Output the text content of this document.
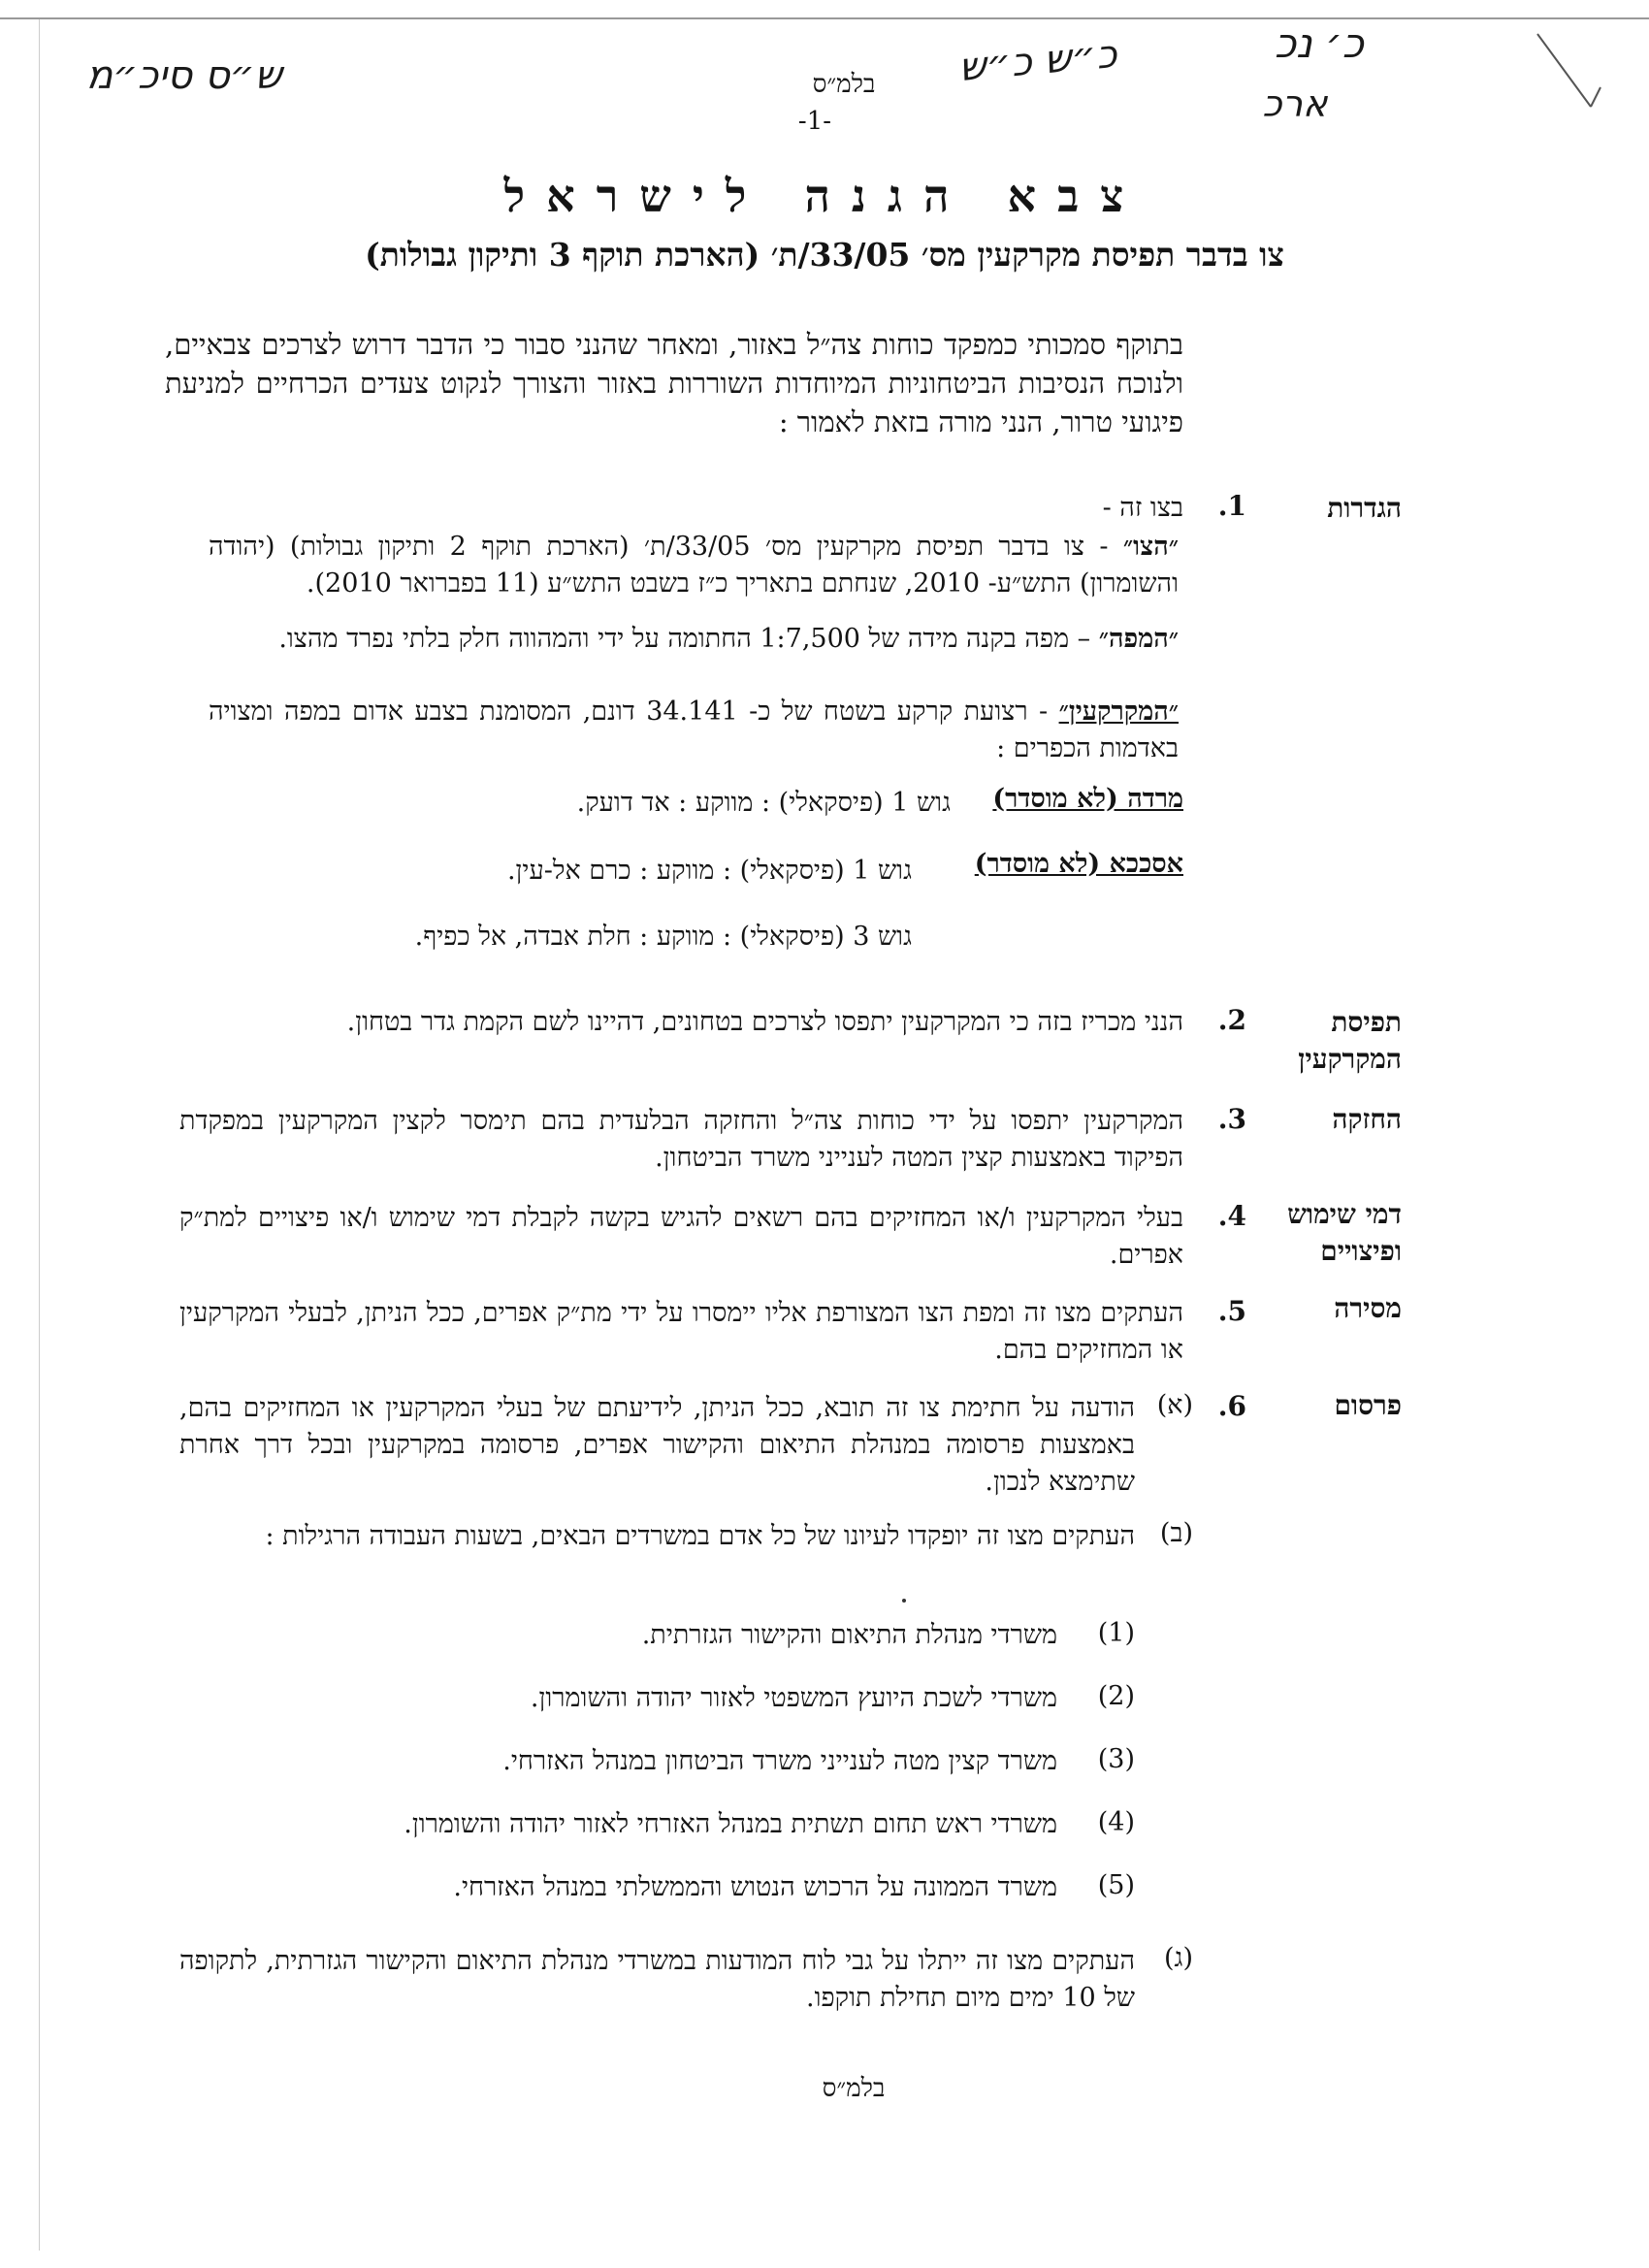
ש״ס סיכ״מ	כ״ש כ״ש	כ׳ נכ
ארכ
בלמ״ס
-1-
צבא הגנה לישראל
צו בדבר תפיסת מקרקעין מס׳ 33/05/ת׳ (הארכת תוקף 3 ותיקון גבולות)
בתוקף סמכותי כמפקד כוחות צה״ל באזור, ומאחר שהנני סבור כי הדבר דרוש לצרכים צבאיים, ולנוכח הנסיבות הביטחוניות המיוחדות השוררות באזור והצורך לנקוט צעדים הכרחיים למניעת פיגועי טרור, הנני מורה בזאת לאמור :
הגדרות
1.
בצו זה -
״הצו״ - צו בדבר תפיסת מקרקעין מס׳ 33/05/ת׳ (הארכת תוקף 2 ותיקון גבולות) (יהודה והשומרון) התש״ע- 2010, שנחתם בתאריך כ״ז בשבט התש״ע (11 בפברואר 2010).
״המפה״ – מפה בקנה מידה של 1:7,500 החתומה על ידי והמהווה חלק בלתי נפרד מהצו.
״המקרקעין״ - רצועת קרקע בשטח של כ- 34.141 דונם, המסומנת בצבע אדום במפה ומצויה באדמות הכפרים :
מרדה (לא מוסדר)
גוש 1 (פיסקאלי) : מווקע : אד דועק.
אסככא (לא מוסדר)
גוש 1 (פיסקאלי) : מווקע : כרם אל-עין.
גוש 3 (פיסקאלי) : מווקע : חלת אבדה, אל כפיף.
תפיסת המקרקעין
2.
הנני מכריז בזה כי המקרקעין יתפסו לצרכים בטחונים, דהיינו לשם הקמת גדר בטחון.
החזקה
3.
המקרקעין יתפסו על ידי כוחות צה״ל והחזקה הבלעדית בהם תימסר לקצין המקרקעין במפקדת הפיקוד באמצעות קצין המטה לענייני משרד הביטחון.
דמי שימוש ופיצויים
4.
בעלי המקרקעין ו/או המחזיקים בהם רשאים להגיש בקשה לקבלת דמי שימוש ו/או פיצויים למת״ק אפרים.
מסירה
5.
העתקים מצו זה ומפת הצו המצורפת אליו יימסרו על ידי מת״ק אפרים, ככל הניתן, לבעלי המקרקעין או המחזיקים בהם.
פרסום
6.
(א)
הודעה על חתימת צו זה תובא, ככל הניתן, לידיעתם של בעלי המקרקעין או המחזיקים בהם, באמצעות פרסומה במנהלת התיאום והקישור אפרים, פרסומה במקרקעין ובכל דרך אחרת שתימצא לנכון.
(ב)
העתקים מצו זה יופקדו לעיונו של כל אדם במשרדים הבאים, בשעות העבודה הרגילות :
(1)
משרדי מנהלת התיאום והקישור הגזרתית.
(2)
משרדי לשכת היועץ המשפטי לאזור יהודה והשומרון.
(3)
משרד קצין מטה לענייני משרד הביטחון במנהל האזרחי.
(4)
משרדי ראש תחום תשתית במנהל האזרחי לאזור יהודה והשומרון.
(5)
משרד הממונה על הרכוש הנטוש והממשלתי במנהל האזרחי.
(ג)
העתקים מצו זה ייתלו על גבי לוח המודעות במשרדי מנהלת התיאום והקישור הגזרתית, לתקופה של 10 ימים מיום תחילת תוקפו.
בלמ״ס
